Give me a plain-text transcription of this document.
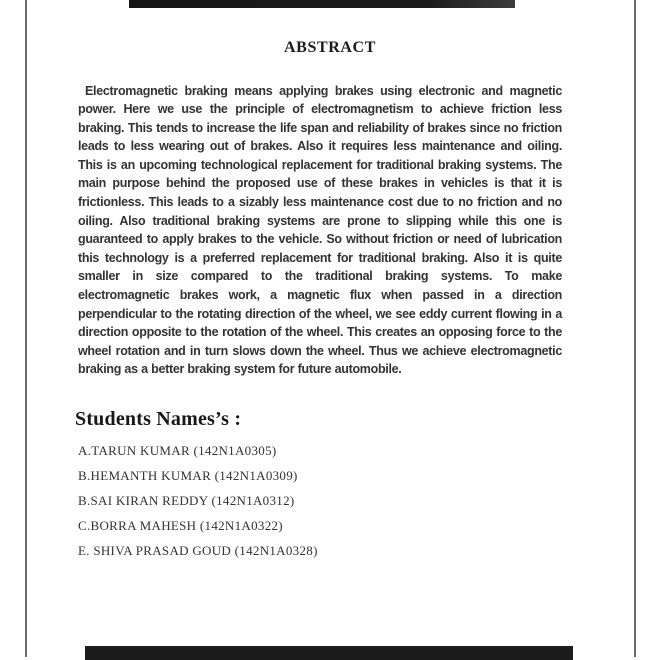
ABSTRACT

Electromagnetic braking means applying brakes using electronic and magnetic power. Here we use the principle of electromagnetism to achieve friction less braking. This tends to increase the life span and reliability of brakes since no friction leads to less wearing out of brakes. Also it requires less maintenance and oiling. This is an upcoming technological replacement for traditional braking systems. The main purpose behind the proposed use of these brakes in vehicles is that it is frictionless. This leads to a sizably less maintenance cost due to no friction and no oiling. Also traditional braking systems are prone to slipping while this one is guaranteed to apply brakes to the vehicle. So without friction or need of lubrication this technology is a preferred replacement for traditional braking. Also it is quite smaller in size compared to the traditional braking systems. To make electromagnetic brakes work, a magnetic flux when passed in a direction perpendicular to the rotating direction of the wheel, we see eddy current flowing in a direction opposite to the rotation of the wheel. This creates an opposing force to the wheel rotation and in turn slows down the wheel. Thus we achieve electromagnetic braking as a better braking system for future automobile.

Students Names’s :
A.TARUN KUMAR (142N1A0305)
B.HEMANTH KUMAR (142N1A0309)
B.SAI KIRAN REDDY (142N1A0312)
C.BORRA MAHESH (142N1A0322)
E. SHIVA PRASAD GOUD (142N1A0328)
